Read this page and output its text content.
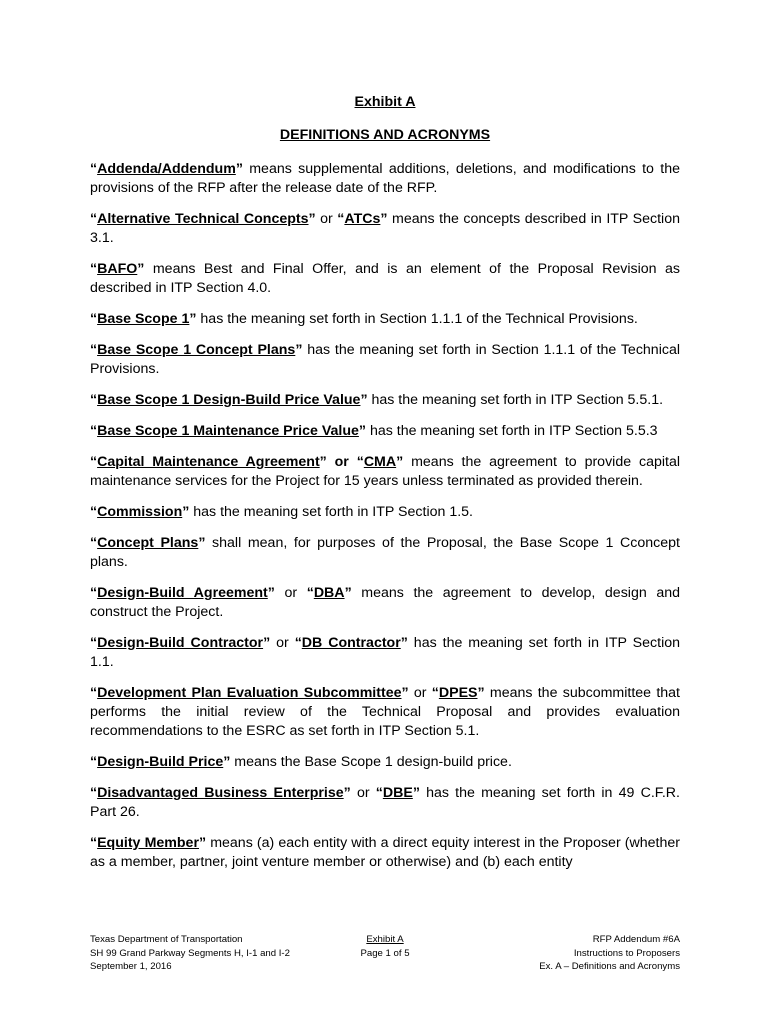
Exhibit A
DEFINITIONS AND ACRONYMS

“Addenda/Addendum” means supplemental additions, deletions, and modifications to the provisions of the RFP after the release date of the RFP.

“Alternative Technical Concepts” or “ATCs” means the concepts described in ITP Section 3.1.

“BAFO” means Best and Final Offer, and is an element of the Proposal Revision as described in ITP Section 4.0.

“Base Scope 1” has the meaning set forth in Section 1.1.1 of the Technical Provisions.

“Base Scope 1 Concept Plans” has the meaning set forth in Section 1.1.1 of the Technical Provisions.

“Base Scope 1 Design-Build Price Value” has the meaning set forth in ITP Section 5.5.1.

“Base Scope 1 Maintenance Price Value” has the meaning set forth in ITP Section 5.5.3

“Capital Maintenance Agreement” or “CMA” means the agreement to provide capital maintenance services for the Project for 15 years unless terminated as provided therein.

“Commission” has the meaning set forth in ITP Section 1.5.

“Concept Plans” shall mean, for purposes of the Proposal, the Base Scope 1 Cconcept plans.

“Design-Build Agreement” or “DBA” means the agreement to develop, design and construct the Project.

“Design-Build Contractor” or “DB Contractor” has the meaning set forth in ITP Section 1.1.

“Development Plan Evaluation Subcommittee” or “DPES” means the subcommittee that performs the initial review of the Technical Proposal and provides evaluation recommendations to the ESRC as set forth in ITP Section 5.1.

“Design-Build Price” means the Base Scope 1 design-build price.

“Disadvantaged Business Enterprise” or “DBE” has the meaning set forth in 49 C.F.R. Part 26.

“Equity Member” means (a) each entity with a direct equity interest in the Proposer (whether as a member, partner, joint venture member or otherwise) and (b) each entity

Texas Department of Transportation
SH 99 Grand Parkway Segments H, I-1 and I-2
September 1, 2016
Exhibit A
Page 1 of 5
RFP Addendum #6A
Instructions to Proposers
Ex. A – Definitions and Acronyms
